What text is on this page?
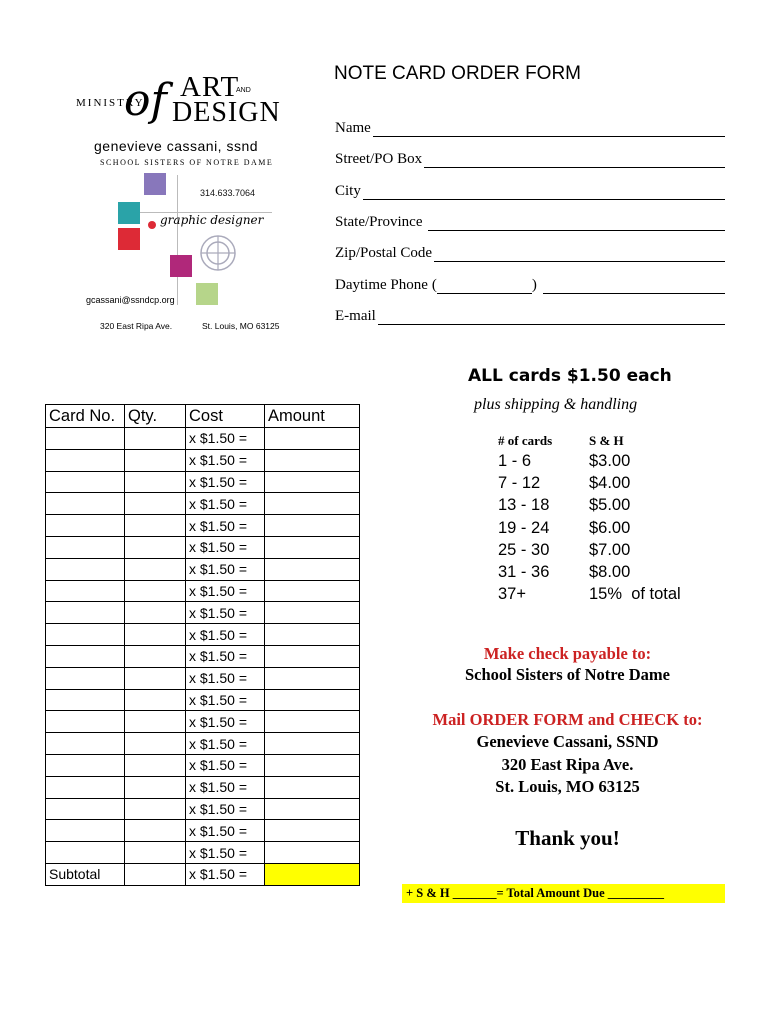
MINISTRY
of ART
AND
DESIGN
genevieve cassani, ssnd
SCHOOL SISTERS OF NOTRE DAME
314.633.7064
graphic designer
gcassani@ssndcp.org
320 East Ripa Ave.	St. Louis, MO 63125
NOTE CARD ORDER FORM
Name
Street/PO Box
City
State/Province
Zip/Postal Code
Daytime Phone (	)
E-mail
Card No.	Qty.	Cost	Amount
		x $1.50 =	
		x $1.50 =	
		x $1.50 =	
		x $1.50 =	
		x $1.50 =	
		x $1.50 =	
		x $1.50 =	
		x $1.50 =	
		x $1.50 =	
		x $1.50 =	
		x $1.50 =	
		x $1.50 =	
		x $1.50 =	
		x $1.50 =	
		x $1.50 =	
		x $1.50 =	
		x $1.50 =	
		x $1.50 =	
		x $1.50 =	
		x $1.50 =	
Subtotal		x $1.50 =	
ALL cards $1.50 each
plus shipping & handling
# of cards	S & H
1 - 6	$3.00
7 - 12	$4.00
13 - 18 $5.00
19 - 24 $6.00
25 - 30 $7.00
31 - 36 $8.00
37+	15%  of total
Make check payable to:
School Sisters of Notre Dame
Mail ORDER FORM and CHECK to:
Genevieve Cassani, SSND
320 East Ripa Ave.
St. Louis, MO 63125
Thank you!
+ S & H _______ = Total Amount Due _________
